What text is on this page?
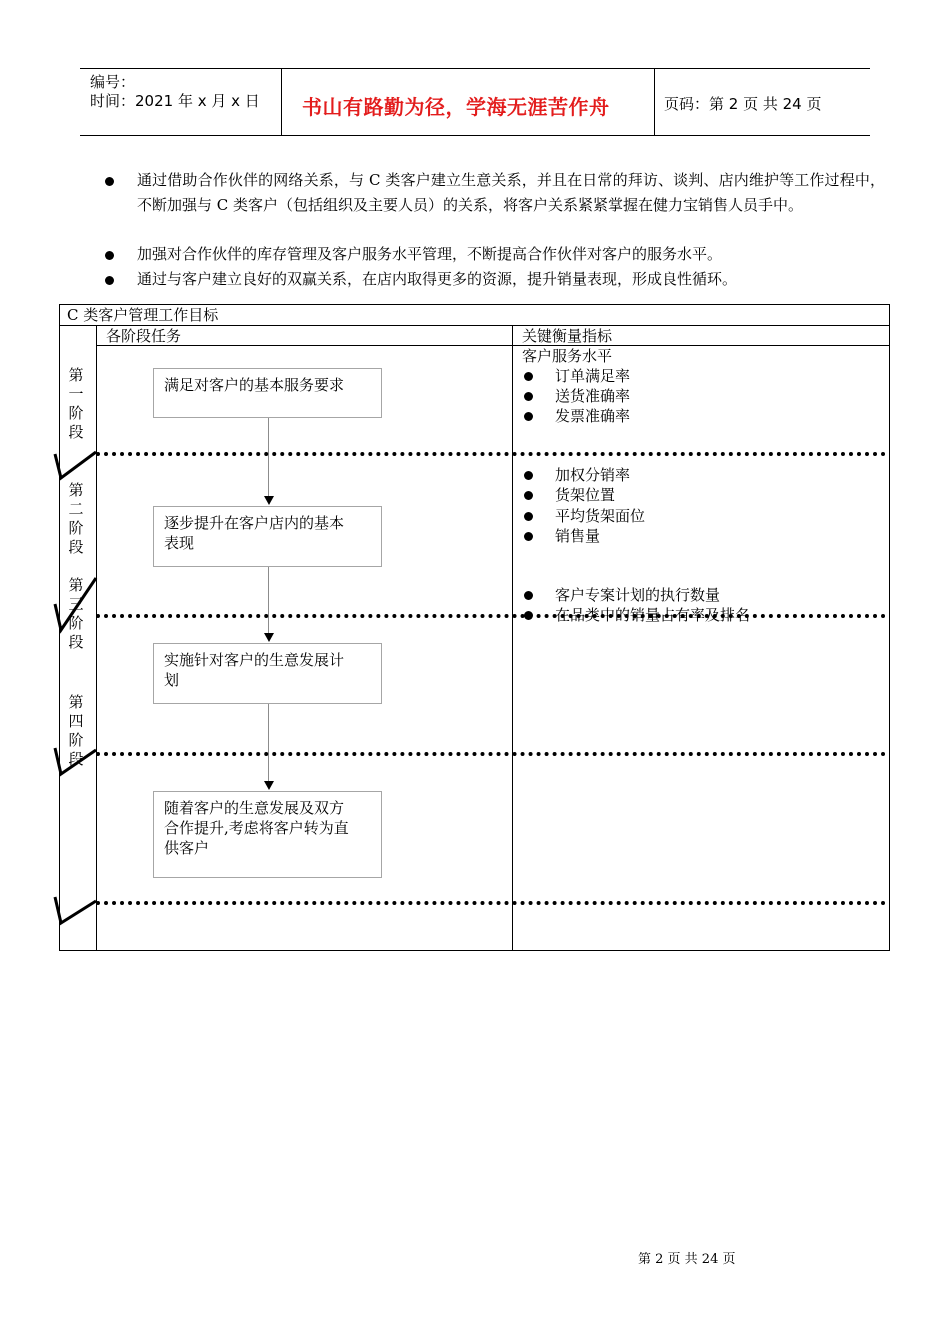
编号：
时间：2021 年 x 月 x 日 书山有路勤为径，学海无涯苦作舟	页码：第 2 页 共 24 页
通过借助合作伙伴的网络关系，与 C 类客户建立生意关系，并且在日常的拜访、谈判、店内维护等工作过程中，不断加强与 C 类客户（包括组织及主要人员）的关系，将客户关系紧紧掌握在健力宝销售人员手中。
加强对合作伙伴的库存管理及客户服务水平管理，不断提高合作伙伴对客户的服务水平。
通过与客户建立良好的双赢关系，在店内取得更多的资源，提升销量表现，形成良性循环。
C 类客户管理工作目标
各阶段任务	关键衡量指标
第
一
阶
段
第
二
阶
段
第
三
阶
段
第
四
阶
段
满足对客户的基本服务要求
逐步提升在客户店内的基本
表现
实施针对客户的生意发展计
划
随着客户的生意发展及双方
合作提升,考虑将客户转为直
供客户
客户服务水平
订单满足率
送货准确率
发票准确率
加权分销率
货架位置
平均货架面位
销售量
客户专案计划的执行数量
在品类中的销量占有率及排名
第 2 页 共 24 页
